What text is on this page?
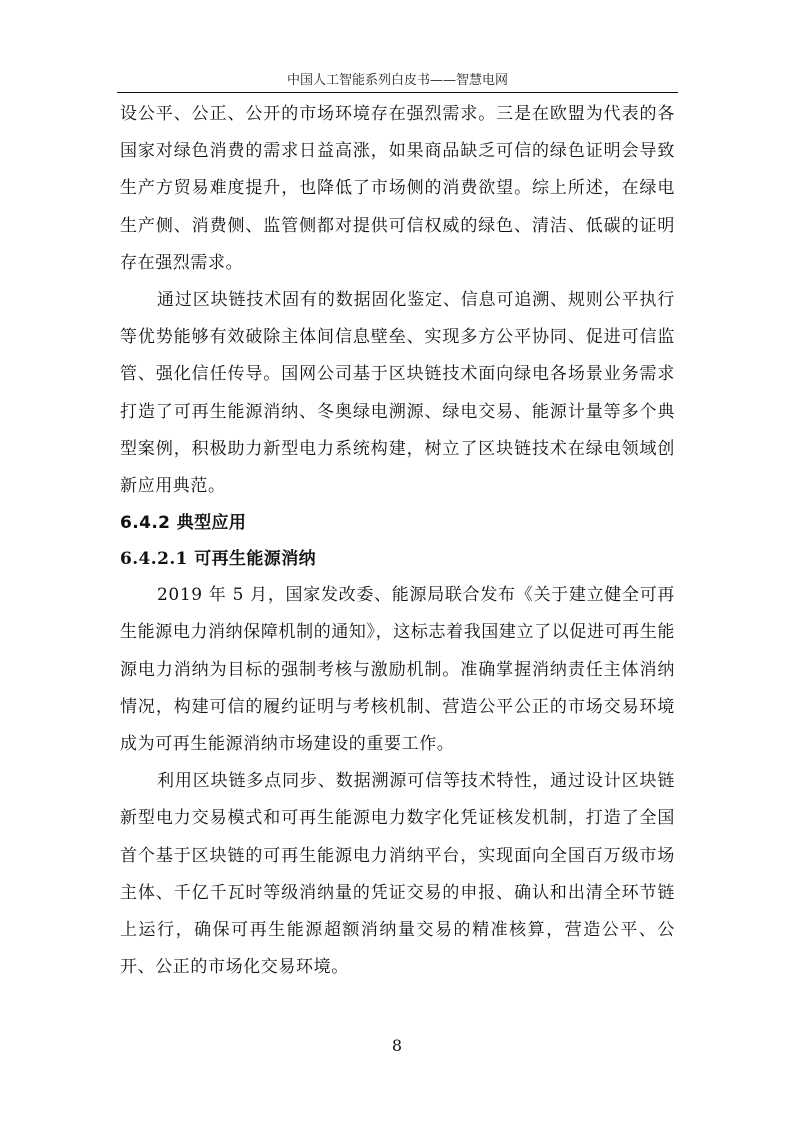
中国人工智能系列白皮书——智慧电网

设公平、公正、公开的市场环境存在强烈需求。三是在欧盟为代表的各国家对绿色消费的需求日益高涨，如果商品缺乏可信的绿色证明会导致生产方贸易难度提升，也降低了市场侧的消费欲望。综上所述，在绿电生产侧、消费侧、监管侧都对提供可信权威的绿色、清洁、低碳的证明存在强烈需求。

通过区块链技术固有的数据固化鉴定、信息可追溯、规则公平执行等优势能够有效破除主体间信息壁垒、实现多方公平协同、促进可信监管、强化信任传导。国网公司基于区块链技术面向绿电各场景业务需求打造了可再生能源消纳、冬奥绿电溯源、绿电交易、能源计量等多个典型案例，积极助力新型电力系统构建，树立了区块链技术在绿电领域创新应用典范。

6.4.2 典型应用
6.4.2.1 可再生能源消纳

2019 年 5 月，国家发改委、能源局联合发布《关于建立健全可再生能源电力消纳保障机制的通知》，这标志着我国建立了以促进可再生能源电力消纳为目标的强制考核与激励机制。准确掌握消纳责任主体消纳情况，构建可信的履约证明与考核机制、营造公平公正的市场交易环境成为可再生能源消纳市场建设的重要工作。

利用区块链多点同步、数据溯源可信等技术特性，通过设计区块链新型电力交易模式和可再生能源电力数字化凭证核发机制，打造了全国首个基于区块链的可再生能源电力消纳平台，实现面向全国百万级市场主体、千亿千瓦时等级消纳量的凭证交易的申报、确认和出清全环节链上运行，确保可再生能源超额消纳量交易的精准核算，营造公平、公开、公正的市场化交易环境。

8
